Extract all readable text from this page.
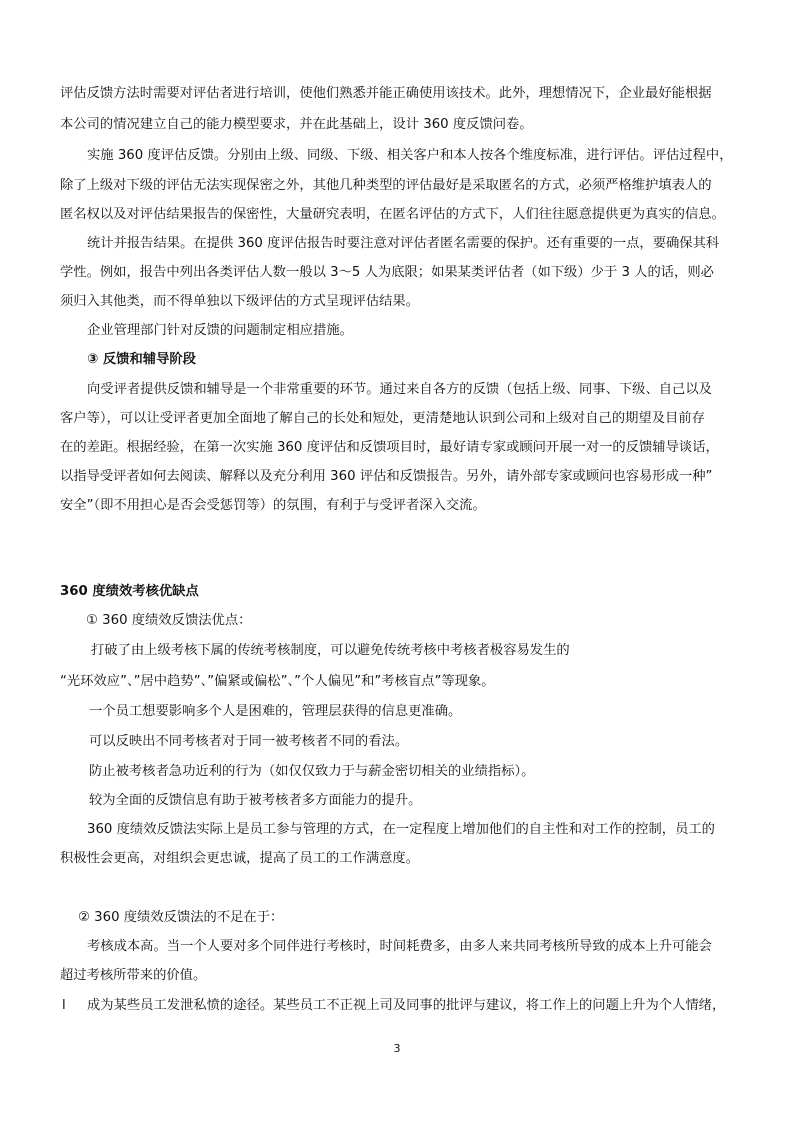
评估反馈方法时需要对评估者进行培训，使他们熟悉并能正确使用该技术。此外，理想情况下，企业最好能根据
本公司的情况建立自己的能力模型要求，并在此基础上，设计 360 度反馈问卷。
实施 360 度评估反馈。分别由上级、同级、下级、相关客户和本人按各个维度标准，进行评估。评估过程中，
除了上级对下级的评估无法实现保密之外，其他几种类型的评估最好是采取匿名的方式，必须严格维护填表人的
匿名权以及对评估结果报告的保密性，大量研究表明，在匿名评估的方式下，人们往往愿意提供更为真实的信息。
统计并报告结果。在提供 360 度评估报告时要注意对评估者匿名需要的保护。还有重要的一点，要确保其科
学性。例如，报告中列出各类评估人数一般以 3～5 人为底限；如果某类评估者（如下级）少于 3 人的话，则必
须归入其他类，而不得单独以下级评估的方式呈现评估结果。
企业管理部门针对反馈的问题制定相应措施。
③ 反馈和辅导阶段
向受评者提供反馈和辅导是一个非常重要的环节。通过来自各方的反馈（包括上级、同事、下级、自己以及
客户等），可以让受评者更加全面地了解自己的长处和短处，更清楚地认识到公司和上级对自己的期望及目前存
在的差距。根据经验，在第一次实施 360 度评估和反馈项目时，最好请专家或顾问开展一对一的反馈辅导谈话，
以指导受评者如何去阅读、解释以及充分利用 360 评估和反馈报告。另外，请外部专家或顾问也容易形成一种”
安全”（即不用担心是否会受惩罚等）的氛围，有利于与受评者深入交流。
360 度绩效考核优缺点
① 360 度绩效反馈法优点：
打破了由上级考核下属的传统考核制度，可以避免传统考核中考核者极容易发生的
“光环效应”、”居中趋势”、”偏紧或偏松”、”个人偏见”和”考核盲点”等现象。
一个员工想要影响多个人是困难的，管理层获得的信息更准确。
可以反映出不同考核者对于同一被考核者不同的看法。
防止被考核者急功近利的行为（如仅仅致力于与薪金密切相关的业绩指标）。
较为全面的反馈信息有助于被考核者多方面能力的提升。
360 度绩效反馈法实际上是员工参与管理的方式，在一定程度上增加他们的自主性和对工作的控制，员工的
积极性会更高，对组织会更忠诚，提高了员工的工作满意度。
② 360 度绩效反馈法的不足在于：
考核成本高。当一个人要对多个同伴进行考核时，时间耗费多，由多人来共同考核所导致的成本上升可能会
超过考核所带来的价值。
l 成为某些员工发泄私愤的途径。某些员工不正视上司及同事的批评与建议，将工作上的问题上升为个人情绪，
3
